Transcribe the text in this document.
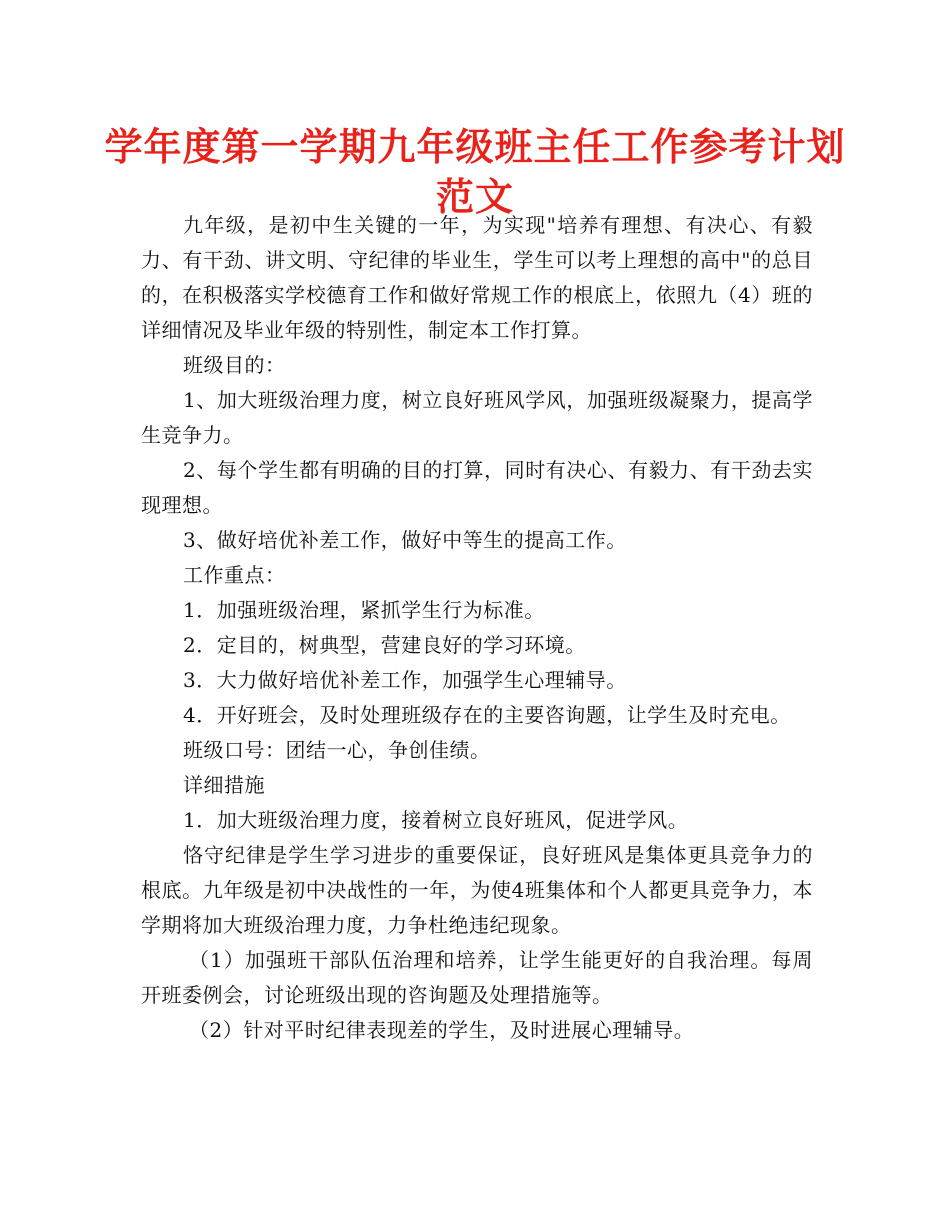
学年度第一学期九年级班主任工作参考计划范文

九年级，是初中生关键的一年，为实现"培养有理想、有决心、有毅力、有干劲、讲文明、守纪律的毕业生，学生可以考上理想的高中"的总目的，在积极落实学校德育工作和做好常规工作的根底上，依照九（4）班的详细情况及毕业年级的特别性，制定本工作打算。

班级目的：

1、加大班级治理力度，树立良好班风学风，加强班级凝聚力，提高学生竞争力。

2、每个学生都有明确的目的打算，同时有决心、有毅力、有干劲去实现理想。

3、做好培优补差工作，做好中等生的提高工作。

工作重点：

1．加强班级治理，紧抓学生行为标准。

2．定目的，树典型，营建良好的学习环境。

3．大力做好培优补差工作，加强学生心理辅导。

4．开好班会，及时处理班级存在的主要咨询题，让学生及时充电。

班级口号：团结一心，争创佳绩。

详细措施

1．加大班级治理力度，接着树立良好班风，促进学风。

恪守纪律是学生学习进步的重要保证，良好班风是集体更具竞争力的根底。九年级是初中决战性的一年，为使4班集体和个人都更具竞争力，本学期将加大班级治理力度，力争杜绝违纪现象。

（1）加强班干部队伍治理和培养，让学生能更好的自我治理。每周开班委例会，讨论班级出现的咨询题及处理措施等。

（2）针对平时纪律表现差的学生，及时进展心理辅导。
